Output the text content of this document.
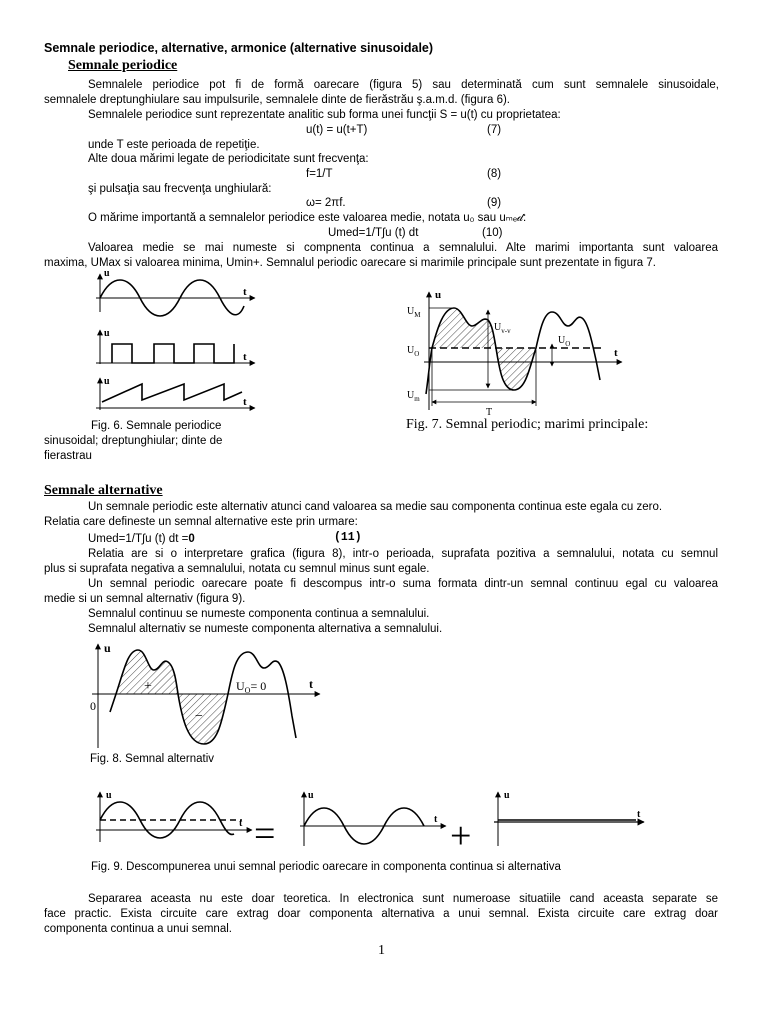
Semnale periodice, alternative, armonice (alternative sinusoidale)
Semnale periodice
Semnalele periodice pot fi de formă oarecare (figura 5) sau determinată cum sunt semnalele sinusoidale,
semnalele dreptunghiulare sau impulsurile, semnalele dinte de fierăstrău ş.a.m.d. (figura 6).
Semnalele periodice sunt reprezentate analitic sub forma unei funcţii S = u(t) cu proprietatea:
u(t) = u(t+T)	(7)
unde T este perioada de repetiţie.
Alte doua mărimi legate de periodicitate sunt frecvenţa:
f=1/T	(8)
şi pulsaţia sau frecvenţa unghiulară:
ω= 2πf.	(9)
O mărime importantă a semnalelor periodice este valoarea medie, notata u₀ sau uₘₑ𝒹:
Umed=1/T∫u (t) dt	(10)
Valoarea medie se mai numeste si compnenta continua a semnalului. Alte marimi importanta sunt valoarea
maxima, UMax si valoarea minima, Umin+. Semnalul periodic oarecare si marimile principale sunt prezentate in figura 7.
u
t
u
t
u
t
Fig. 6. Semnale periodice
sinusoidal; dreptunghiular; dinte de
fierastrau
u
t
$U_M$
$U_O$
$U_m$
$U_{v-v}$
$U_O$
T
Fig. 7. Semnal periodic; marimi principale:
Semnale alternative
Un semnale periodic este alternativ atunci cand valoarea sa medie sau componenta continua este egala cu zero.
Relatia care defineste un semnal alternative este prin urmare:
Umed=1/T∫u (t) dt =0	(11)
Relatia are si o interpretare grafica (figura 8), intr-o perioada, suprafata pozitiva a semnalului, notata cu semnul
plus si suprafata negativa a semnalului, notata cu semnul minus sunt egale.
Un semnal periodic oarecare poate fi descompus intr-o suma formata dintr-un semnal continuu egal cu valoarea
medie si un semnal alternativ (figura 9).
Semnalul continuu se numeste componenta continua a semnalului.
Semnalul alternativ se numeste componenta alternativa a semnalului.
u
t
0
+
−
$U_O= 0$
Fig. 8. Semnal alternativ
u
t =
u
t +
u
t
Fig. 9. Descompunerea unui semnal periodic oarecare in componenta continua si alternativa
Separarea aceasta nu este doar teoretica. In electronica sunt numeroase situatiile cand aceasta separate se
face practic. Exista circuite care extrag doar componenta alternativa a unui semnal. Exista circuite care extrag doar
componenta continua a unui semnal.
1
